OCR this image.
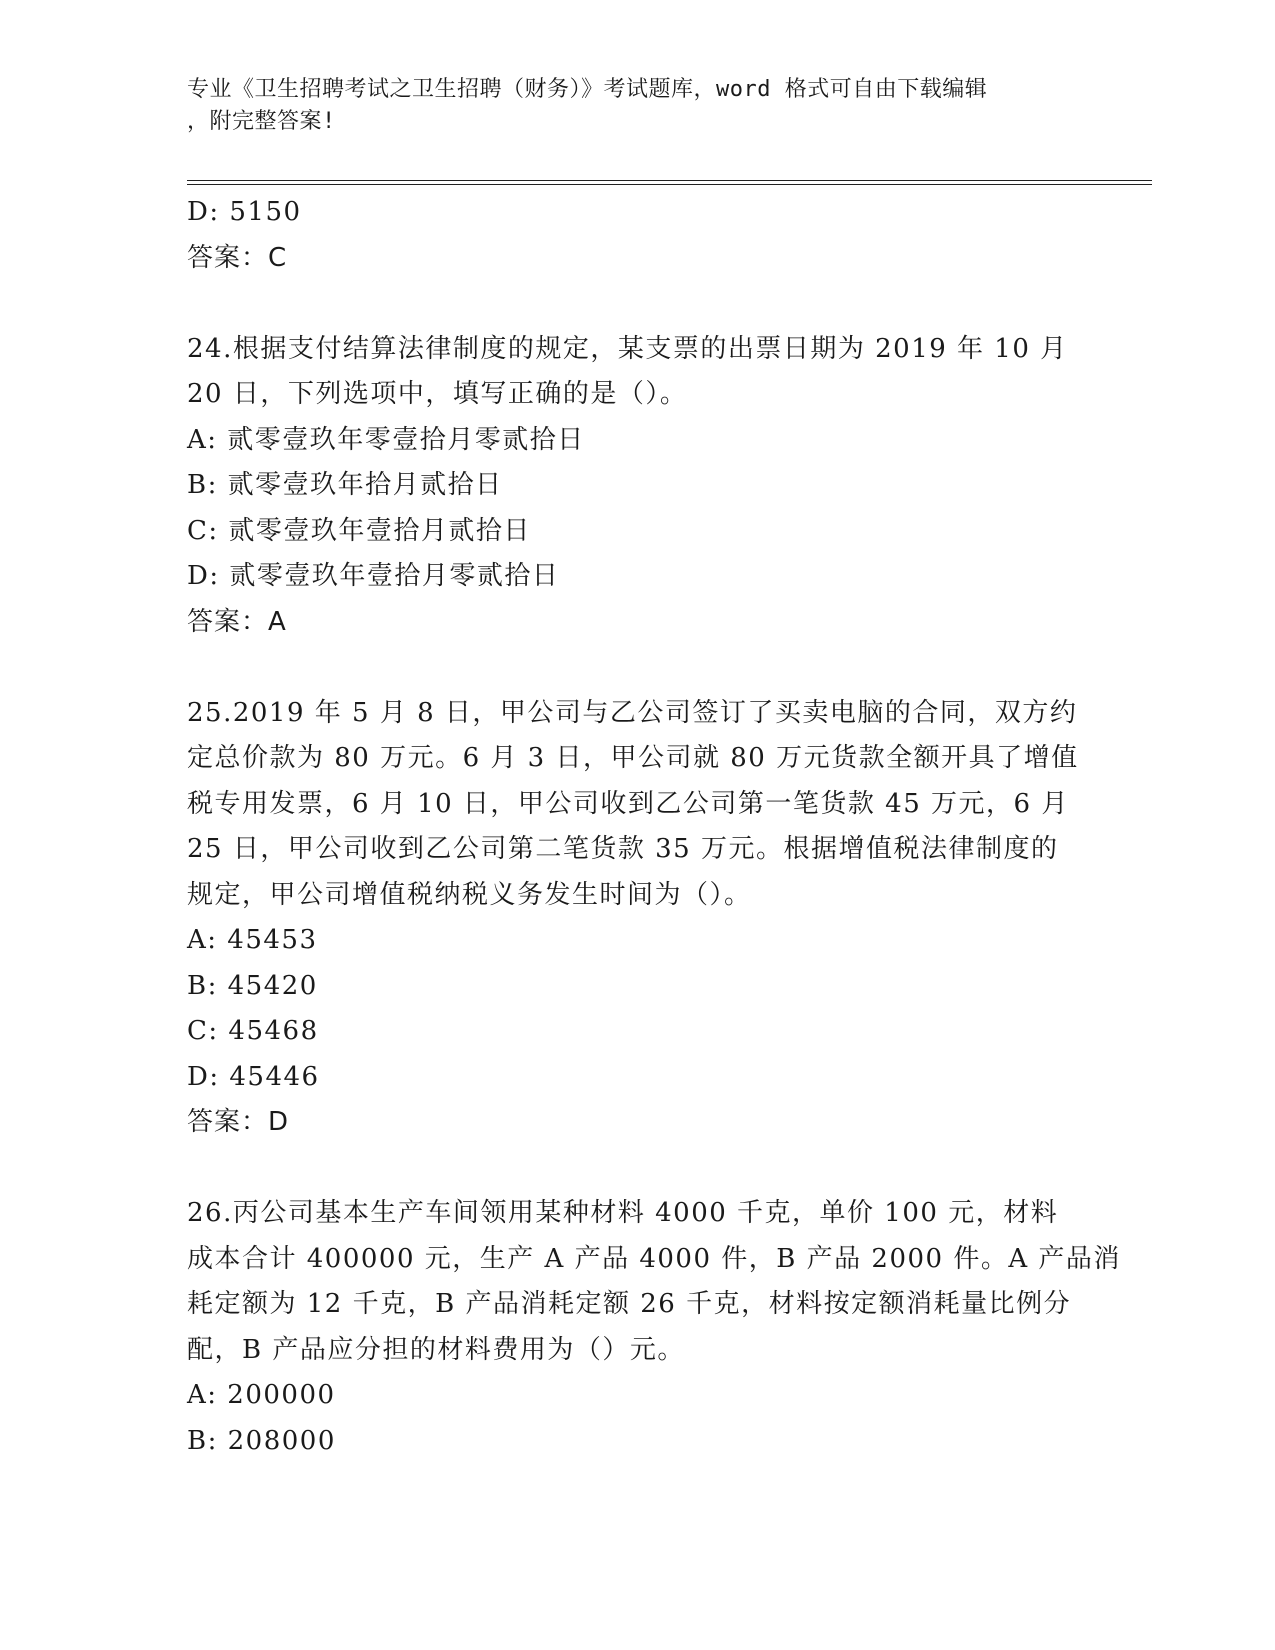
专业《卫生招聘考试之卫生招聘（财务）》考试题库，word 格式可自由下载编辑
，附完整答案!
D: 5150
答案：C
24.根据支付结算法律制度的规定，某支票的出票日期为 2019 年 10 月
20 日，下列选项中，填写正确的是（）。
A: 贰零壹玖年零壹拾月零贰拾日
B: 贰零壹玖年拾月贰拾日
C: 贰零壹玖年壹拾月贰拾日
D: 贰零壹玖年壹拾月零贰拾日
答案：A
25.2019 年 5 月 8 日，甲公司与乙公司签订了买卖电脑的合同，双方约
定总价款为 80 万元。6 月 3 日，甲公司就 80 万元货款全额开具了增值
税专用发票，6 月 10 日，甲公司收到乙公司第一笔货款 45 万元，6 月
25 日，甲公司收到乙公司第二笔货款 35 万元。根据增值税法律制度的
规定，甲公司增值税纳税义务发生时间为（）。
A: 45453
B: 45420
C: 45468
D: 45446
答案：D
26.丙公司基本生产车间领用某种材料 4000 千克，单价 100 元，材料
成本合计 400000 元，生产 A 产品 4000 件，B 产品 2000 件。A 产品消
耗定额为 12 千克，B 产品消耗定额 26 千克，材料按定额消耗量比例分
配，B 产品应分担的材料费用为（）元。
A: 200000
B: 208000
